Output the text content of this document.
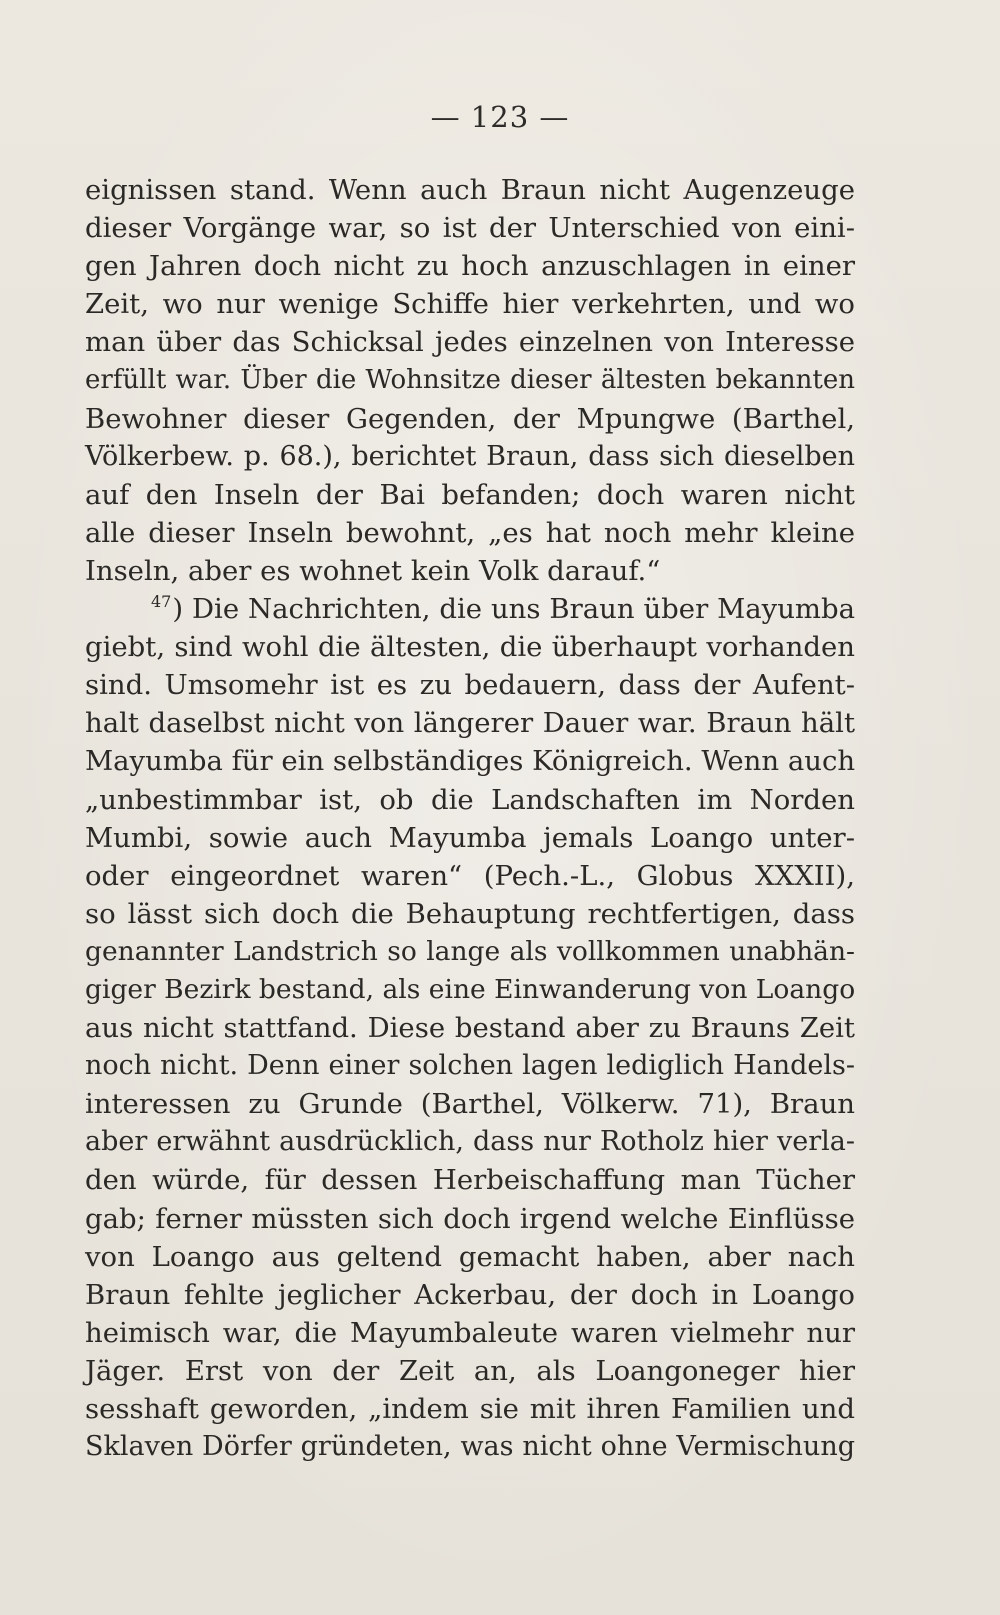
— 123 —
eignissen stand. Wenn auch Braun nicht Augenzeuge
dieser Vorgänge war, so ist der Unterschied von eini-
gen Jahren doch nicht zu hoch anzuschlagen in einer
Zeit, wo nur wenige Schiffe hier verkehrten, und wo
man über das Schicksal jedes einzelnen von Interesse
erfüllt war. Über die Wohnsitze dieser ältesten bekannten
Bewohner dieser Gegenden, der Mpungwe (Barthel,
Völkerbew. p. 68.), berichtet Braun, dass sich dieselben
auf den Inseln der Bai befanden; doch waren nicht
alle dieser Inseln bewohnt, „es hat noch mehr kleine
Inseln, aber es wohnet kein Volk darauf.“
$^{47}$) Die Nachrichten, die uns Braun über Mayumba
giebt, sind wohl die ältesten, die überhaupt vorhanden
sind. Umsomehr ist es zu bedauern, dass der Aufent-
halt daselbst nicht von längerer Dauer war. Braun hält
Mayumba für ein selbständiges Königreich. Wenn auch
„unbestimmbar ist, ob die Landschaften im Norden
Mumbi, sowie auch Mayumba jemals Loango unter-
oder eingeordnet waren“ (Pech.-L., Globus XXXII),
so lässt sich doch die Behauptung rechtfertigen, dass
genannter Landstrich so lange als vollkommen unabhän-
giger Bezirk bestand, als eine Einwanderung von Loango
aus nicht stattfand. Diese bestand aber zu Brauns Zeit
noch nicht. Denn einer solchen lagen lediglich Handels-
interessen zu Grunde (Barthel, Völkerw. 71), Braun
aber erwähnt ausdrücklich, dass nur Rotholz hier verla-
den würde, für dessen Herbeischaffung man Tücher
gab; ferner müssten sich doch irgend welche Einflüsse
von Loango aus geltend gemacht haben, aber nach
Braun fehlte jeglicher Ackerbau, der doch in Loango
heimisch war, die Mayumbaleute waren vielmehr nur
Jäger. Erst von der Zeit an, als Loangoneger hier
sesshaft geworden, „indem sie mit ihren Familien und
Sklaven Dörfer gründeten, was nicht ohne Vermischung
